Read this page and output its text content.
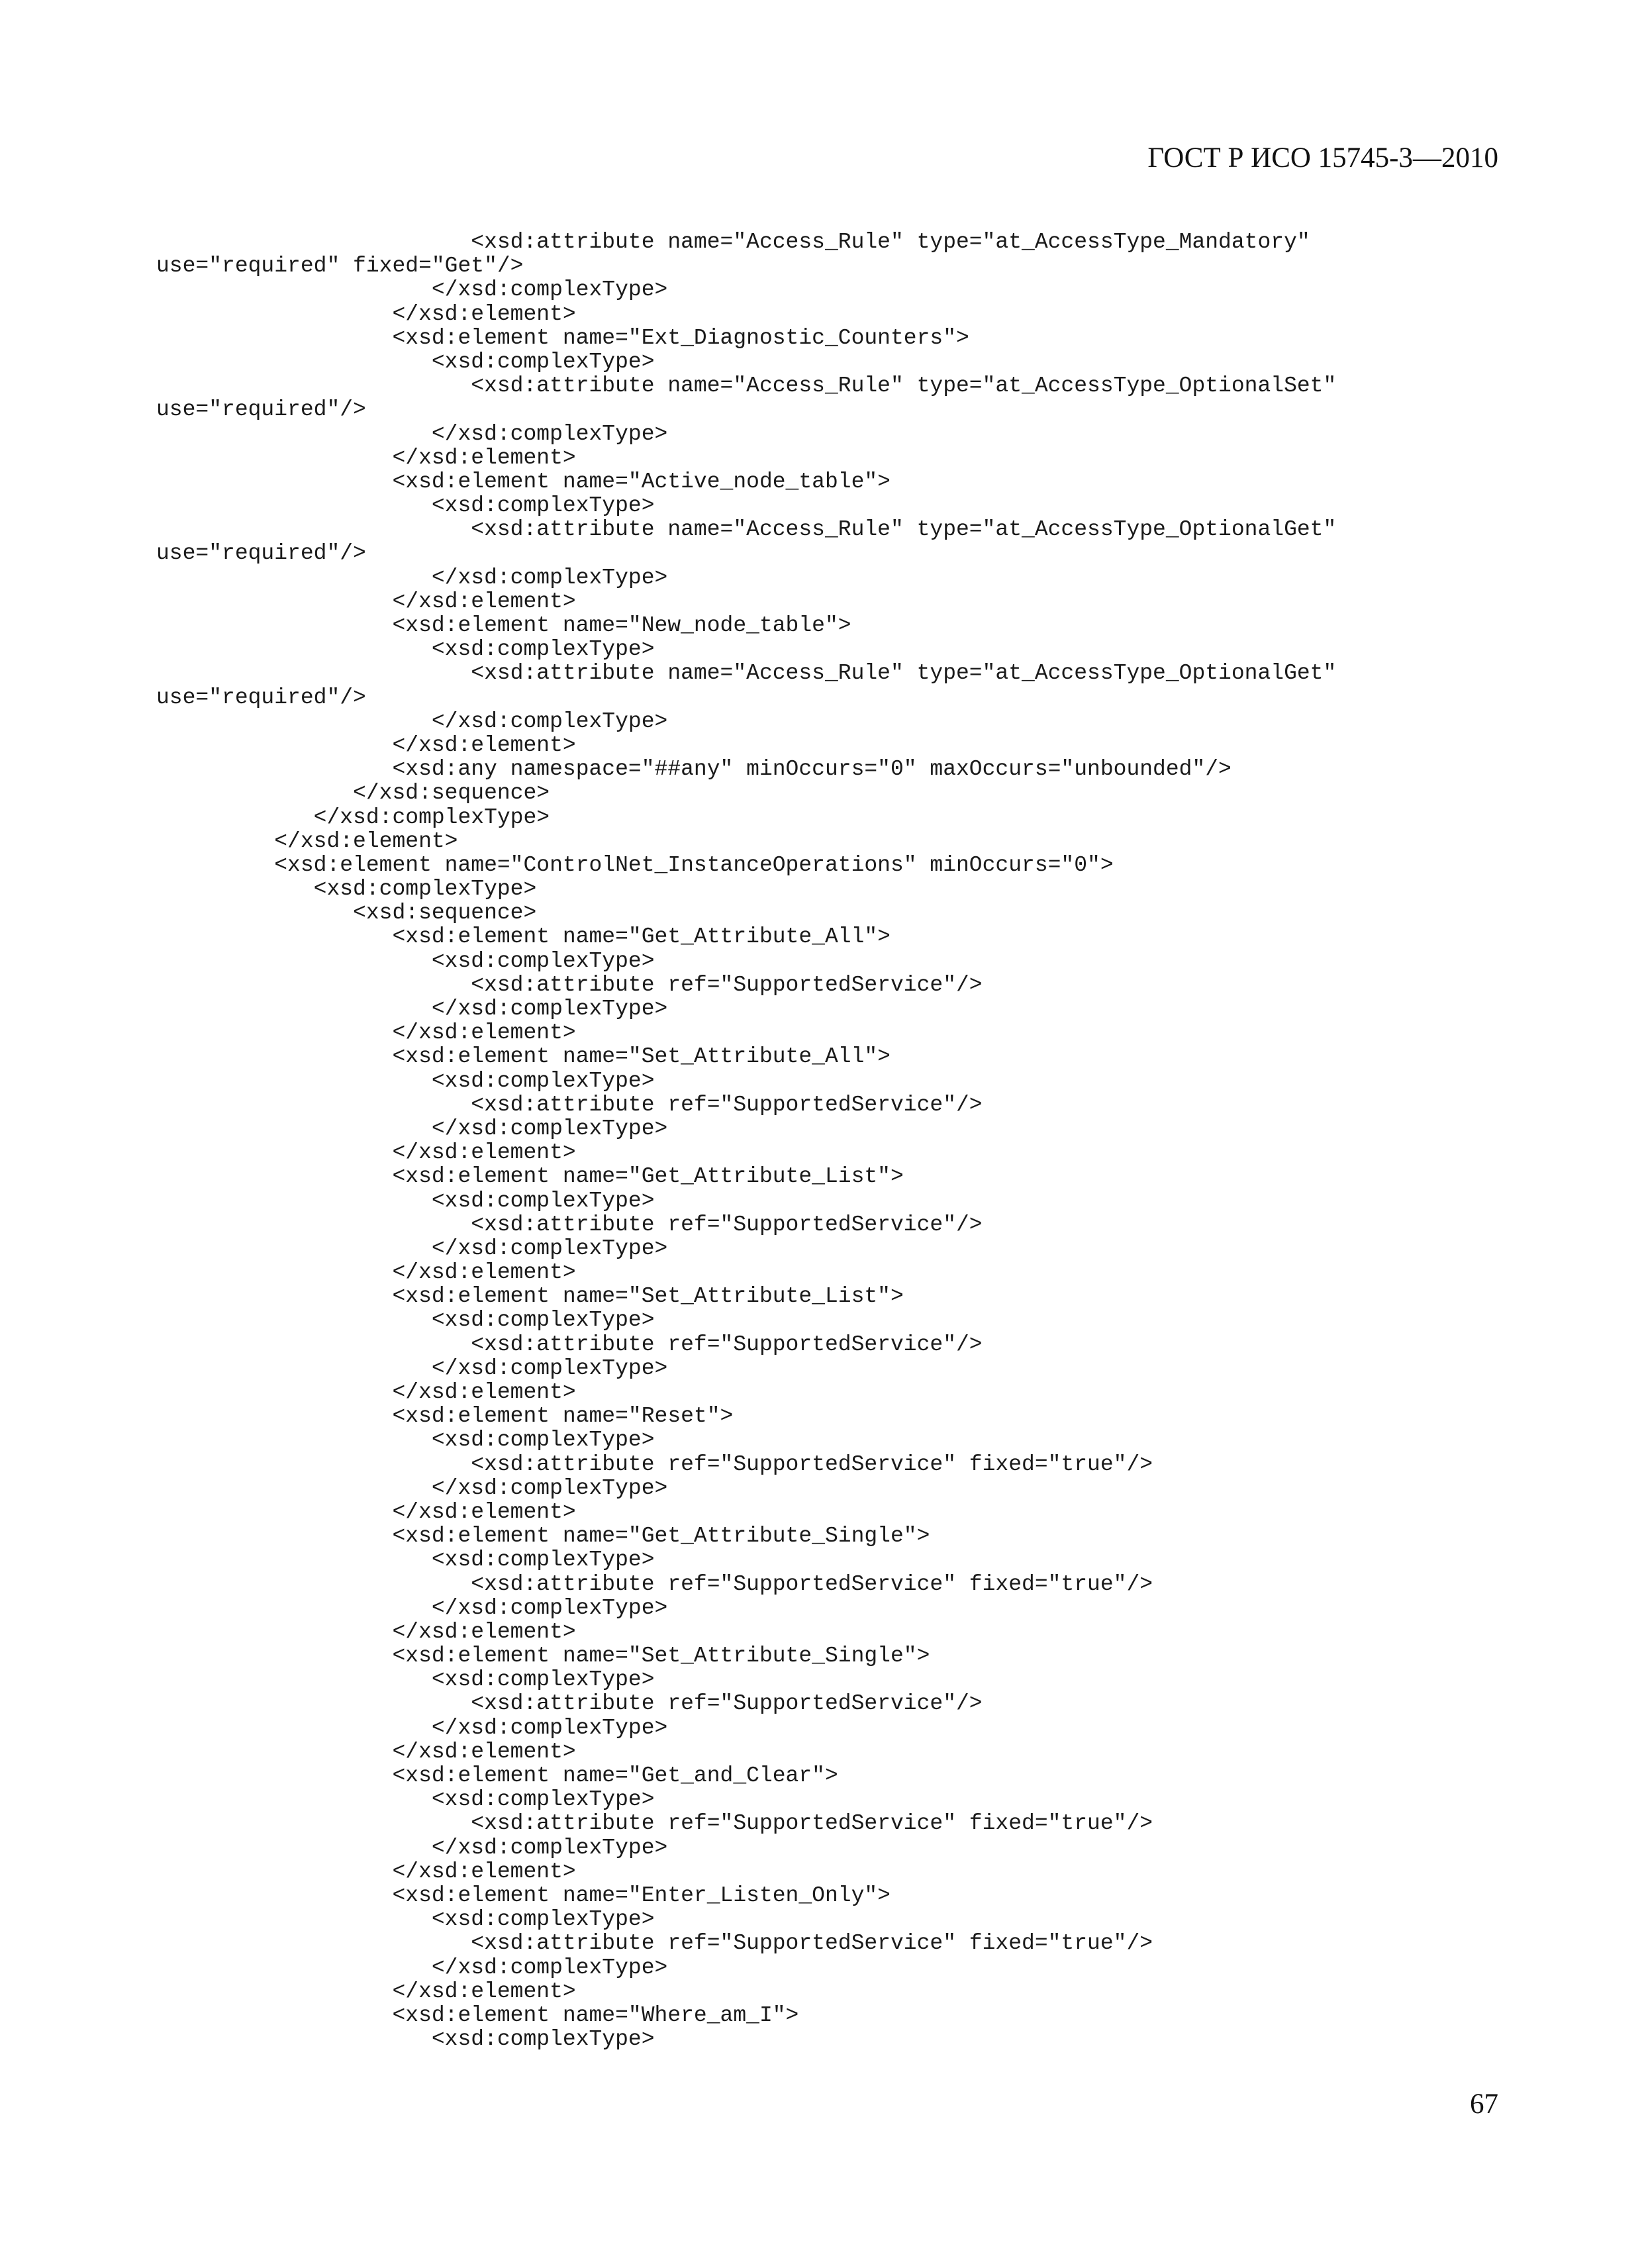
ГОСТ Р ИСО 15745-3—2010
<xsd:attribute name="Access_Rule" type="at_AccessType_Mandatory"
use="required" fixed="Get"/>
</xsd:complexType>
</xsd:element>
<xsd:element name="Ext_Diagnostic_Counters">
<xsd:complexType>
<xsd:attribute name="Access_Rule" type="at_AccessType_OptionalSet"
use="required"/>
</xsd:complexType>
</xsd:element>
<xsd:element name="Active_node_table">
<xsd:complexType>
<xsd:attribute name="Access_Rule" type="at_AccessType_OptionalGet"
use="required"/>
</xsd:complexType>
</xsd:element>
<xsd:element name="New_node_table">
<xsd:complexType>
<xsd:attribute name="Access_Rule" type="at_AccessType_OptionalGet"
use="required"/>
</xsd:complexType>
</xsd:element>
<xsd:any namespace="##any" minOccurs="0" maxOccurs="unbounded"/>
</xsd:sequence>
</xsd:complexType>
</xsd:element>
<xsd:element name="ControlNet_InstanceOperations" minOccurs="0">
<xsd:complexType>
<xsd:sequence>
<xsd:element name="Get_Attribute_All">
<xsd:complexType>
<xsd:attribute ref="SupportedService"/>
</xsd:complexType>
</xsd:element>
<xsd:element name="Set_Attribute_All">
<xsd:complexType>
<xsd:attribute ref="SupportedService"/>
</xsd:complexType>
</xsd:element>
<xsd:element name="Get_Attribute_List">
<xsd:complexType>
<xsd:attribute ref="SupportedService"/>
</xsd:complexType>
</xsd:element>
<xsd:element name="Set_Attribute_List">
<xsd:complexType>
<xsd:attribute ref="SupportedService"/>
</xsd:complexType>
</xsd:element>
<xsd:element name="Reset">
<xsd:complexType>
<xsd:attribute ref="SupportedService" fixed="true"/>
</xsd:complexType>
</xsd:element>
<xsd:element name="Get_Attribute_Single">
<xsd:complexType>
<xsd:attribute ref="SupportedService" fixed="true"/>
</xsd:complexType>
</xsd:element>
<xsd:element name="Set_Attribute_Single">
<xsd:complexType>
<xsd:attribute ref="SupportedService"/>
</xsd:complexType>
</xsd:element>
<xsd:element name="Get_and_Clear">
<xsd:complexType>
<xsd:attribute ref="SupportedService" fixed="true"/>
</xsd:complexType>
</xsd:element>
<xsd:element name="Enter_Listen_Only">
<xsd:complexType>
<xsd:attribute ref="SupportedService" fixed="true"/>
</xsd:complexType>
</xsd:element>
<xsd:element name="Where_am_I">
<xsd:complexType>
67
